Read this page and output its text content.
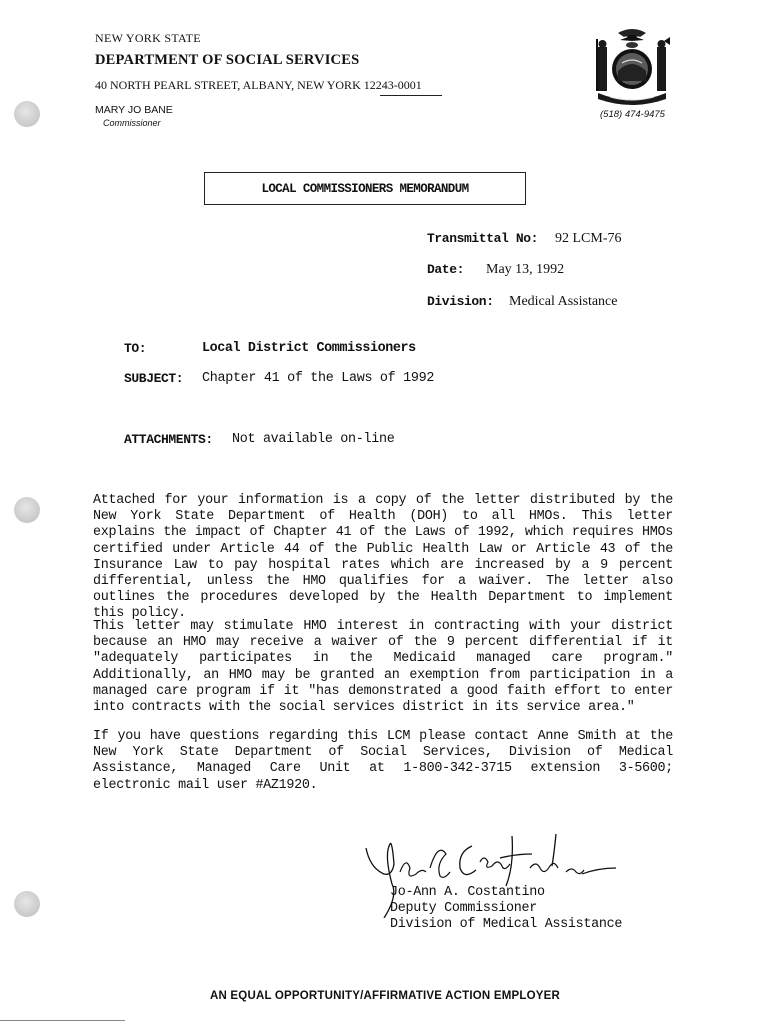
NEW YORK STATE
DEPARTMENT OF SOCIAL SERVICES
40 NORTH PEARL STREET, ALBANY, NEW YORK 12243-0001
MARY JO BANE
Commissioner
(518) 474-9475
LOCAL COMMISSIONERS MEMORANDUM
Transmittal No: 92 LCM-76
Date: May 13, 1992
Division: Medical Assistance
TO:	Local District Commissioners
SUBJECT: Chapter 41 of the Laws of 1992
ATTACHMENTS: Not available on-line

Attached for your information is a copy of the letter distributed by the New York State Department of Health (DOH) to all HMOs. This letter explains the impact of Chapter 41 of the Laws of 1992, which requires HMOs certified under Article 44 of the Public Health Law or Article 43 of the Insurance Law to pay hospital rates which are increased by a 9 percent differential, unless the HMO qualifies for a waiver. The letter also outlines the procedures developed by the Health Department to implement this policy.

This letter may stimulate HMO interest in contracting with your district because an HMO may receive a waiver of the 9 percent differential if it "adequately participates in the Medicaid managed care program." Additionally, an HMO may be granted an exemption from participation in a managed care program if it "has demonstrated a good faith effort to enter into contracts with the social services district in its service area."

If you have questions regarding this LCM please contact Anne Smith at the New York State Department of Social Services, Division of Medical Assistance, Managed Care Unit at 1-800-342-3715 extension 3-5600; electronic mail user #AZ1920.

Jo-Ann A. Costantino
Deputy Commissioner
Division of Medical Assistance
AN EQUAL OPPORTUNITY/AFFIRMATIVE ACTION EMPLOYER
